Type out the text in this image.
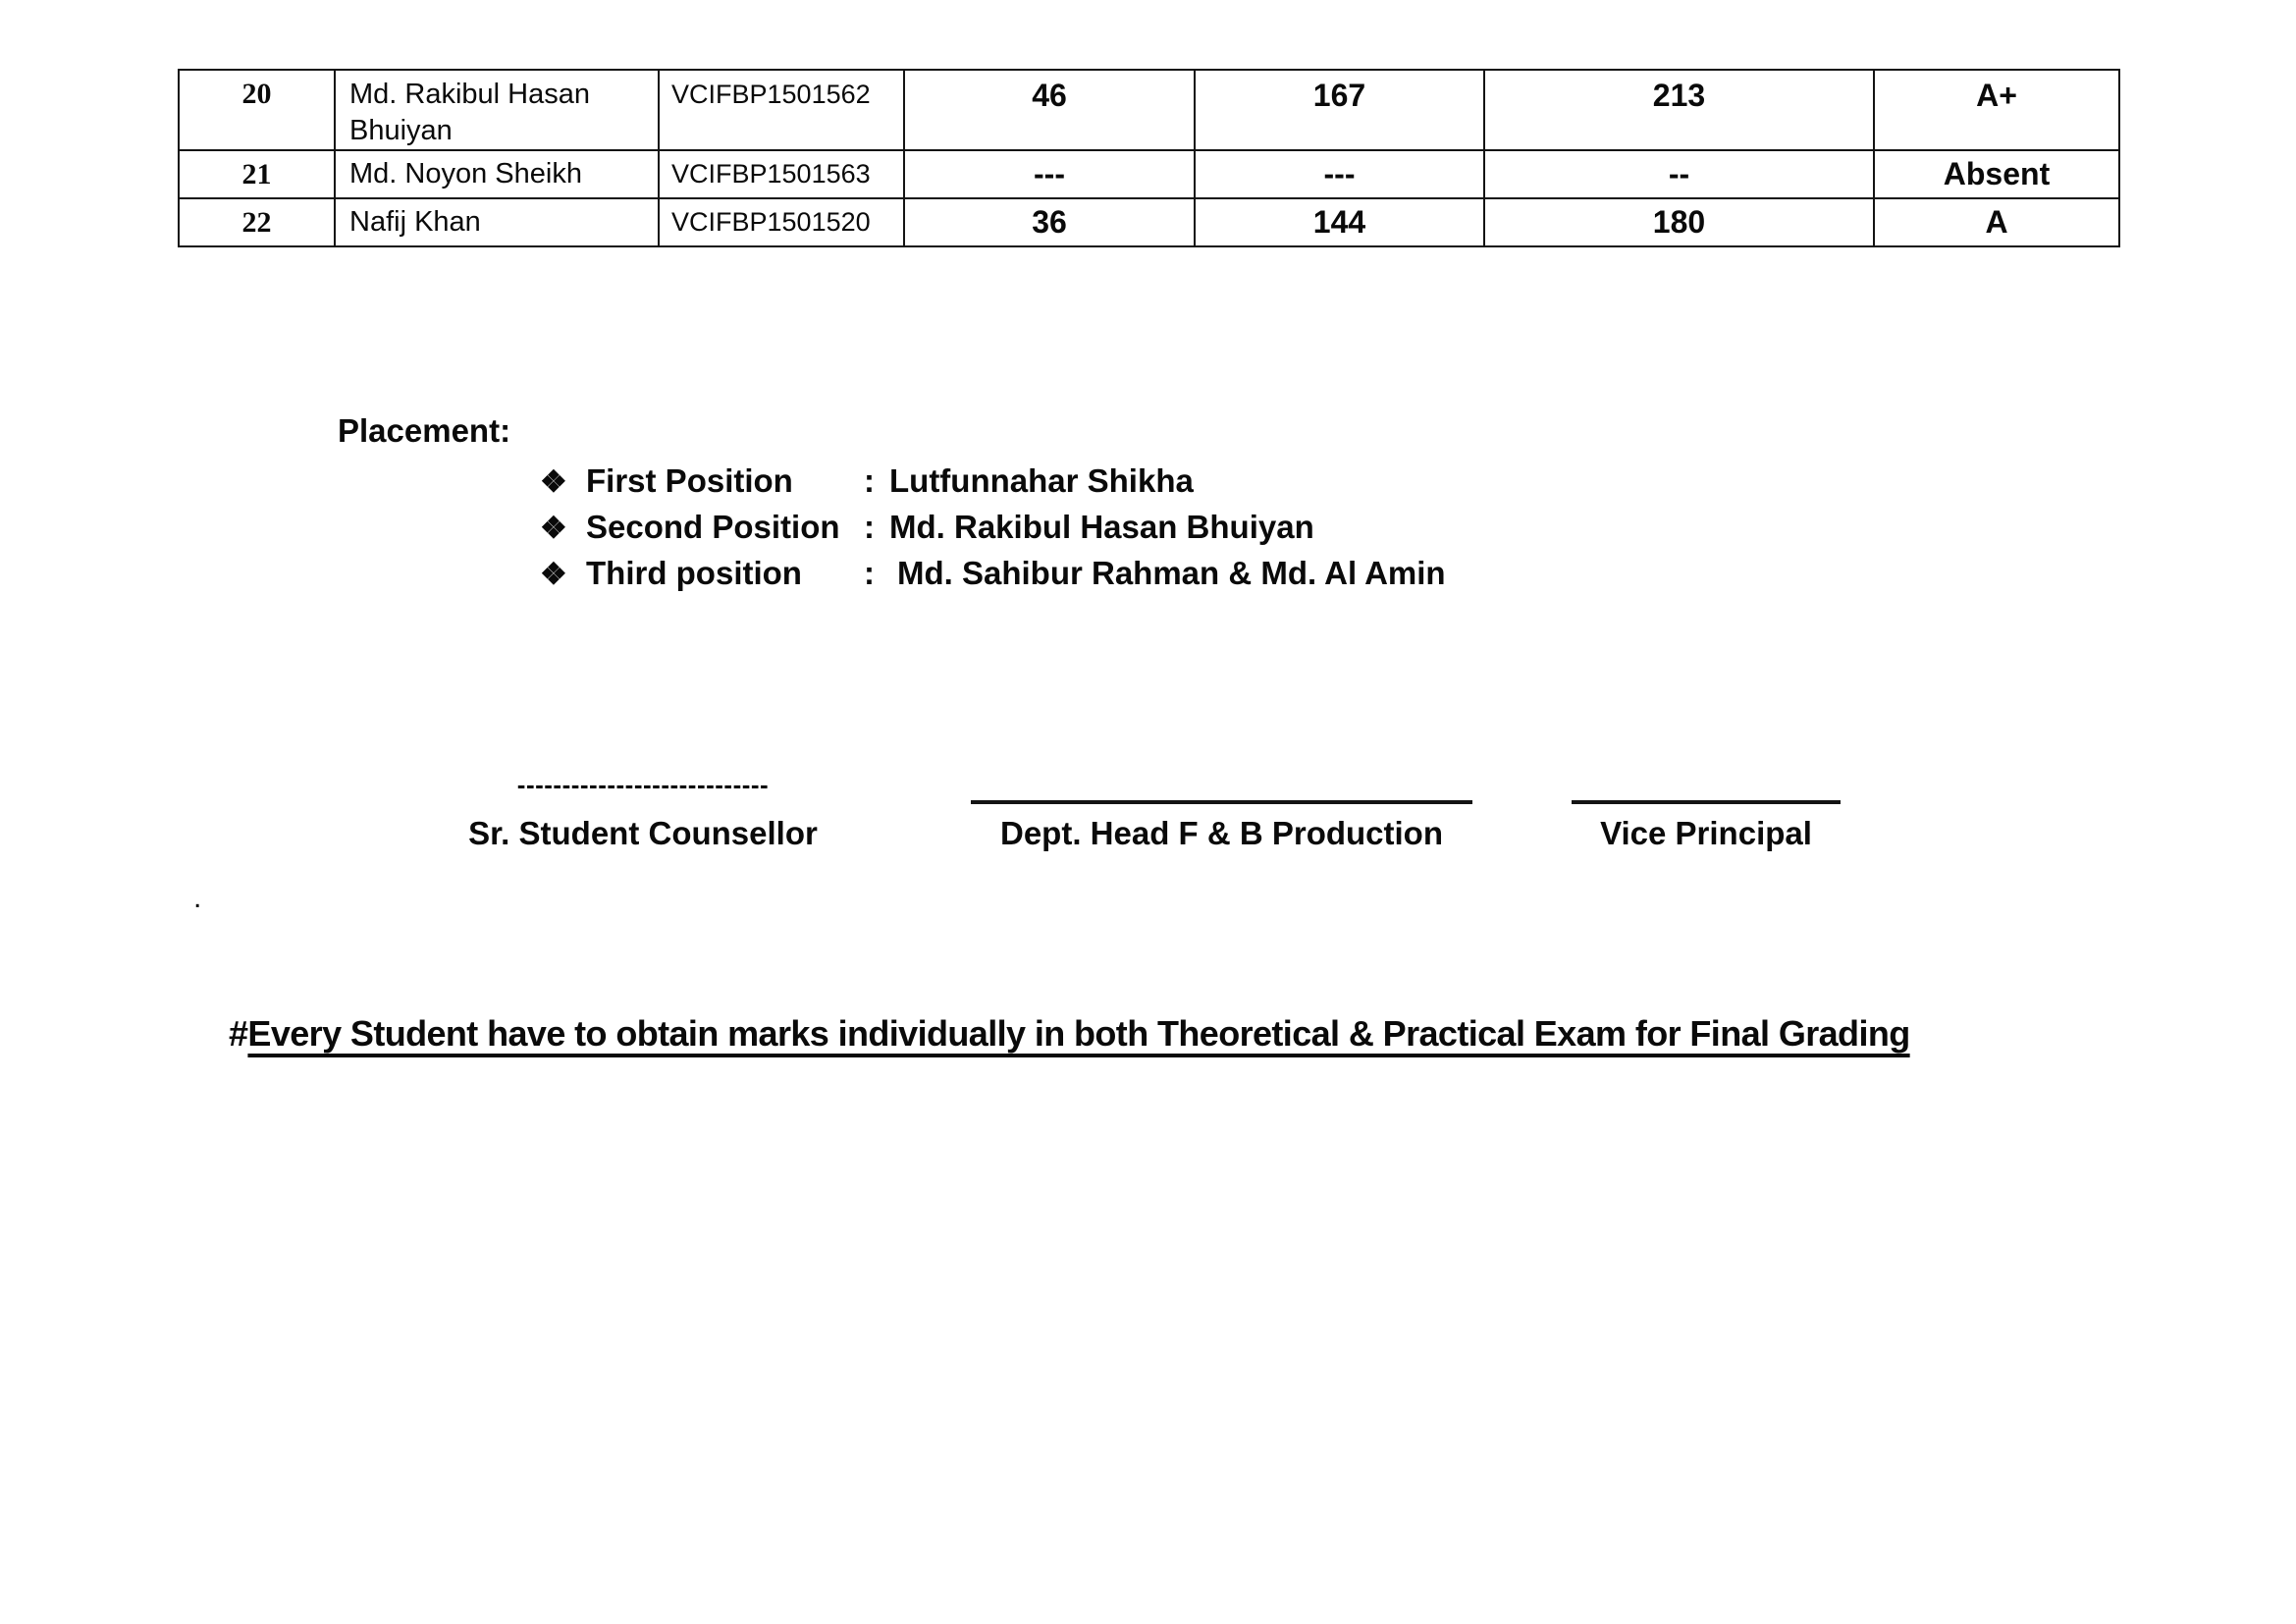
20	Md. Rakibul Hasan Bhuiyan	VCIFBP1501562	46	167	213	A+
21	Md. Noyon Sheikh	VCIFBP1501563	---	---	--	Absent
22	Nafij Khan	VCIFBP1501520	36	144	180	A
Placement:
❖ First Position	: Lutfunnahar Shikha
❖ Second Position : Md. Rakibul Hasan Bhuiyan
❖ Third position	: Md. Sahibur Rahman & Md. Al Amin
----------------------------
Sr. Student Counsellor	Dept. Head F & B Production	Vice Principal
.
#Every Student have to obtain marks individually in both Theoretical & Practical Exam for Final Grading
